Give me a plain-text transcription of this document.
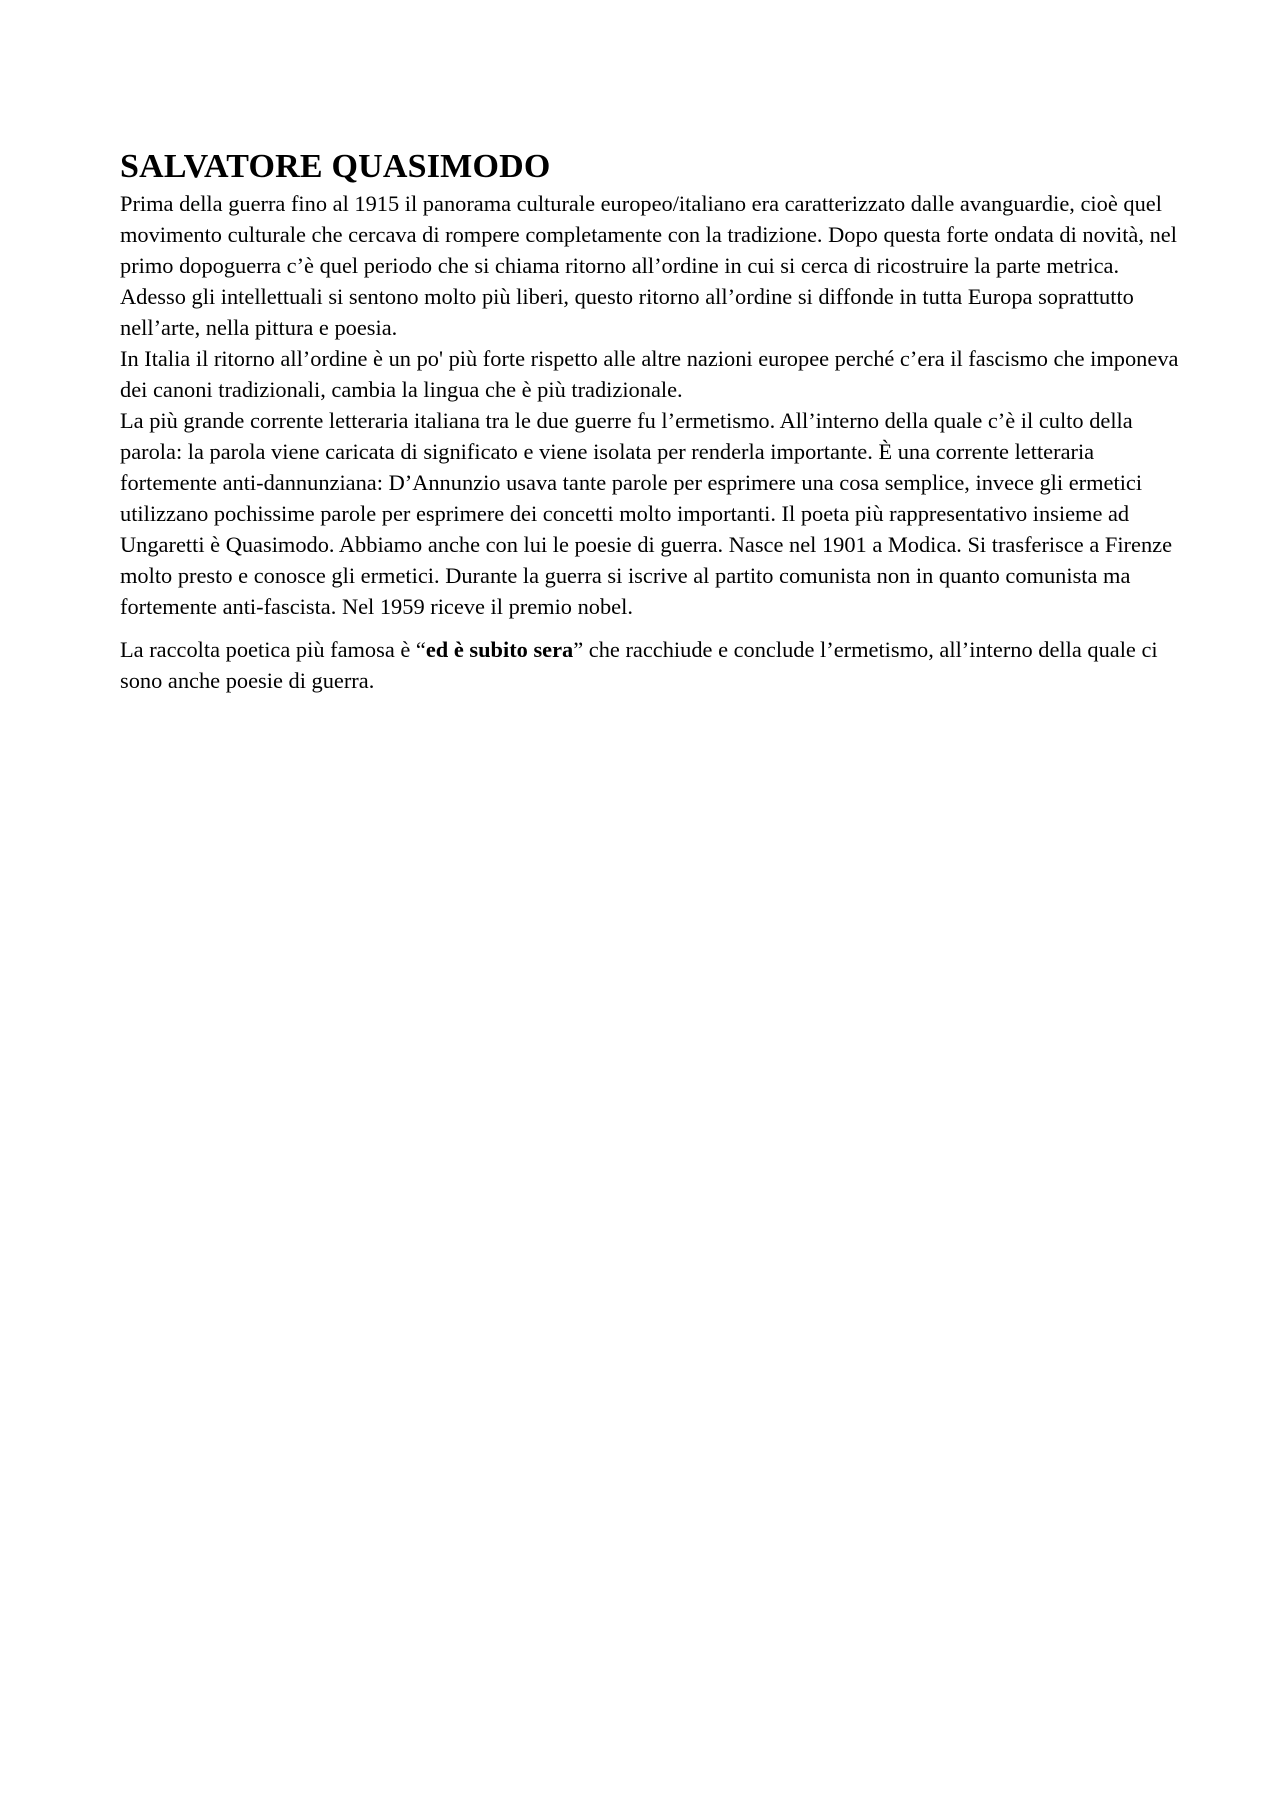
SALVATORE QUASIMODO

Prima della guerra fino al 1915 il panorama culturale europeo/italiano era caratterizzato dalle avanguardie, cioè quel movimento culturale che cercava di rompere completamente con la tradizione. Dopo questa forte ondata di novità, nel primo dopoguerra c’è quel periodo che si chiama ritorno all’ordine in cui si cerca di ricostruire la parte metrica. Adesso gli intellettuali si sentono molto più liberi, questo ritorno all’ordine si diffonde in tutta Europa soprattutto nell’arte, nella pittura e poesia.

In Italia il ritorno all’ordine è un po' più forte rispetto alle altre nazioni europee perché c’era il fascismo che imponeva dei canoni tradizionali, cambia la lingua che è più tradizionale.

La più grande corrente letteraria italiana tra le due guerre fu l’ermetismo. All’interno della quale c’è il culto della parola: la parola viene caricata di significato e viene isolata per renderla importante. È una corrente letteraria fortemente anti-dannunziana: D’Annunzio usava tante parole per esprimere una cosa semplice, invece gli ermetici utilizzano pochissime parole per esprimere dei concetti molto importanti. Il poeta più rappresentativo insieme ad Ungaretti è Quasimodo. Abbiamo anche con lui le poesie di guerra. Nasce nel 1901 a Modica. Si trasferisce a Firenze molto presto e conosce gli ermetici. Durante la guerra si iscrive al partito comunista non in quanto comunista ma fortemente anti-fascista. Nel 1959 riceve il premio nobel.

La raccolta poetica più famosa è “ed è subito sera” che racchiude e conclude l’ermetismo, all’interno della quale ci sono anche poesie di guerra.
